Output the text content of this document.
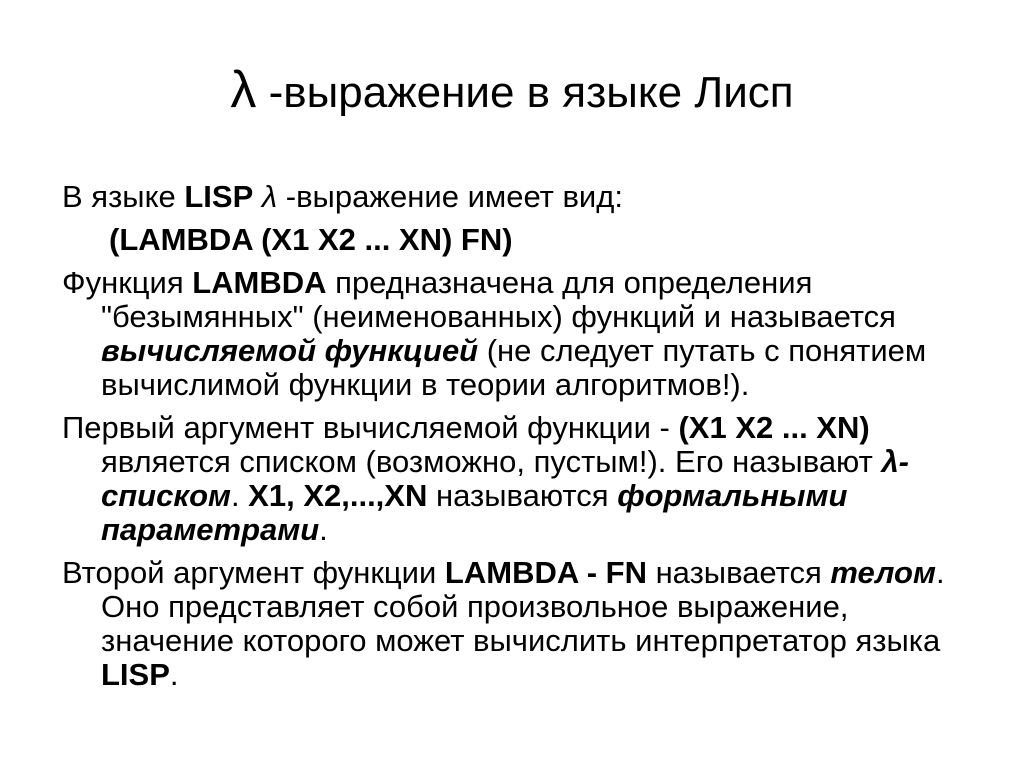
λ -выражение в языке Лисп
В языке LISP λ -выражение имеет вид:
(LAMBDA (X1 X2 ... XN) FN)
Функция LAMBDA предназначена для определения "безымянных" (неименованных) функций и называется вычисляемой функцией (не следует путать с понятием вычислимой функции в теории алгоритмов!).
Первый аргумент вычисляемой функции - (X1 X2 ... XN) является списком (возможно, пустым!). Его называют λ-списком. X1, X2,...,XN называются формальными параметрами.
Второй аргумент функции LAMBDA - FN называется телом. Оно представляет собой произвольное выражение, значение которого может вычислить интерпретатор языка LISP.
